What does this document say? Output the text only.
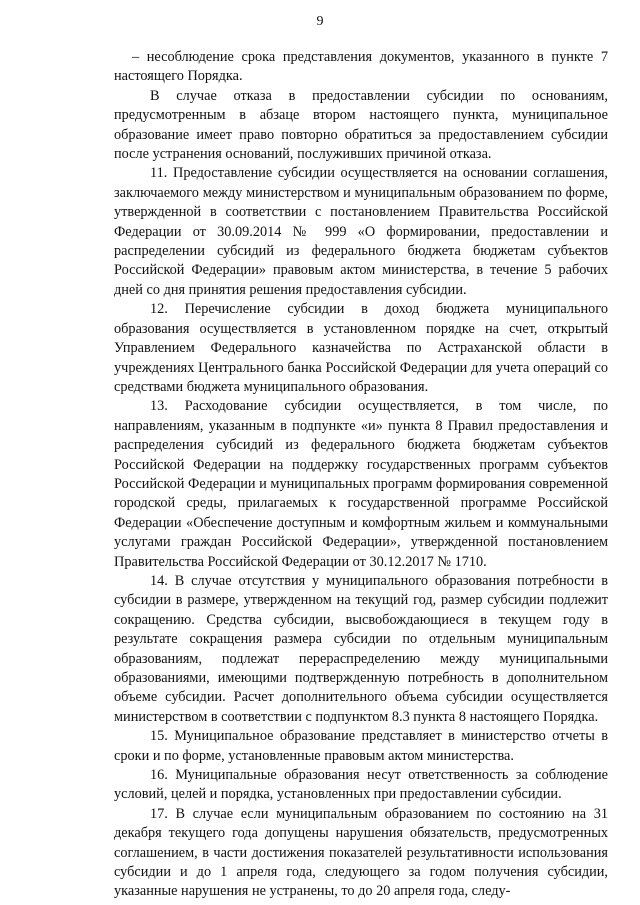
9

– несоблюдение срока представления документов, указанного в пункте 7 настоящего Порядка.

В случае отказа в предоставлении субсидии по основаниям, предусмотренным в абзаце втором настоящего пункта, муниципальное образование имеет право повторно обратиться за предоставлением субсидии после устранения оснований, послуживших причиной отказа.

11. Предоставление субсидии осуществляется на основании соглашения, заключаемого между министерством и муниципальным образованием по форме, утвержденной в соответствии с постановлением Правительства Российской Федерации от 30.09.2014 № 999 «О формировании, предоставлении и распределении субсидий из федерального бюджета бюджетам субъектов Российской Федерации» правовым актом министерства, в течение 5 рабочих дней со дня принятия решения предоставления субсидии.

12. Перечисление субсидии в доход бюджета муниципального образования осуществляется в установленном порядке на счет, открытый Управлением Федерального казначейства по Астраханской области в учреждениях Центрального банка Российской Федерации для учета операций со средствами бюджета муниципального образования.

13. Расходование субсидии осуществляется, в том числе, по направлениям, указанным в подпункте «и» пункта 8 Правил предоставления и распределения субсидий из федерального бюджета бюджетам субъектов Российской Федерации на поддержку государственных программ субъектов Российской Федерации и муниципальных программ формирования современной городской среды, прилагаемых к государственной программе Российской Федерации «Обеспечение доступным и комфортным жильем и коммунальными услугами граждан Российской Федерации», утвержденной постановлением Правительства Российской Федерации от 30.12.2017 № 1710.

14. В случае отсутствия у муниципального образования потребности в субсидии в размере, утвержденном на текущий год, размер субсидии подлежит сокращению. Средства субсидии, высвобождающиеся в текущем году в результате сокращения размера субсидии по отдельным муниципальным образованиям, подлежат перераспределению между муниципальными образованиями, имеющими подтвержденную потребность в дополнительном объеме субсидии. Расчет дополнительного объема субсидии осуществляется министерством в соответствии с подпунктом 8.3 пункта 8 настоящего Порядка.

15. Муниципальное образование представляет в министерство отчеты в сроки и по форме, установленные правовым актом министерства.

16. Муниципальные образования несут ответственность за соблюдение условий, целей и порядка, установленных при предоставлении субсидии.

17. В случае если муниципальным образованием по состоянию на 31 декабря текущего года допущены нарушения обязательств, предусмотренных соглашением, в части достижения показателей результативности использования субсидии и до 1 апреля года, следующего за годом получения субсидии, указанные нарушения не устранены, то до 20 апреля года, следу-
